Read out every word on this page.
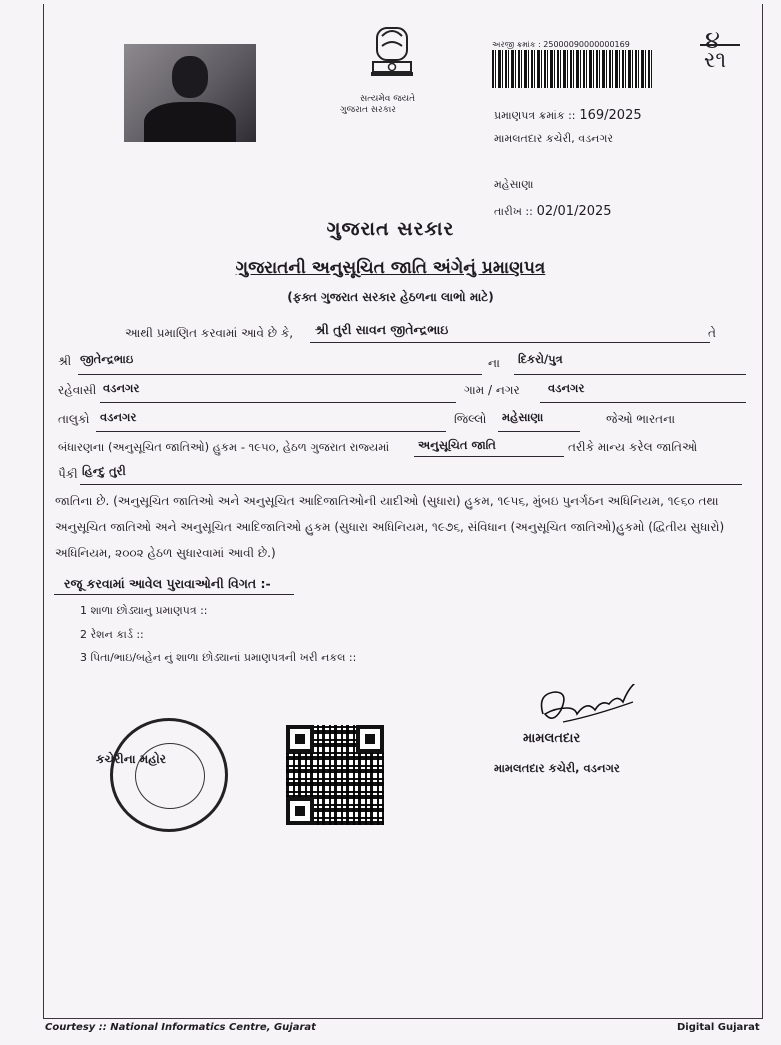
સત્યમેવ જયતે
ગુજરાત સરકાર
અરજી ક્રમાંક : 25000090000000169	૪
ર૧
પ્રમાણપત્ર ક્રમાંક :: 169/2025
મામલતદાર કચેરી, વડનગર
મહેસાણા
તારીખ :: 02/01/2025
ગુજરાત સરકાર
ગુજરાતની અનુસૂચિત જાતિ અંગેનું પ્રમાણપત્ર
(ફક્ત ગુજરાત સરકાર હેઠળના લાભો માટે)
આથી પ્રમાણિત કરવામાં આવે છે કે, શ્રી તુરી સાવન જીતેન્દ્રભાઇ	તે
શ્રી જીતેન્દ્રભાઇ	ના દિકરો/પુત્ર
રહેવાસી વડનગર	ગામ / નગર વડનગર
તાલુકો વડનગર	જિલ્લો મહેસાણા	જેઓ ભારતના
બંધારણના (અનુસૂચિત જાતિઓ) હુકમ - ૧૯૫૦, હેઠળ ગુજરાત રાજ્યમાં	અનુસૂચિત જાતિ	તરીકે માન્ય કરેલ જાતિઓ
પૈકી હિન્દુ તુરી
જાતિના છે. (અનુસૂચિત જાતિઓ અને અનુસૂચિત આદિજાતિઓની યાદીઓ (સુધારા) હુકમ, ૧૯૫૬, મુંબઇ પુનર્ગઠન અધિનિયમ, ૧૯૬૦ તથા
અનુસૂચિત જાતિઓ અને અનુસૂચિત આદિજાતિઓ હુકમ (સુધારા અધિનિયમ, ૧૯૭૬, સંવિધાન (અનુસૂચિત જાતિઓ)હુકમો (દ્વિતીય સુધારો)
અધિનિયમ, ૨૦૦૨ હેઠળ સુધારવામાં આવી છે.)
રજૂ કરવામાં આવેલ પુરાવાઓની વિગત :-
1 શાળા છોડ્યાનુ પ્રમાણપત્ર ::
2 રેશન કાર્ડ ::
3 પિતા/ભાઇ/બહેન નું શાળા છોડ્યાનાં પ્રમાણપત્રની ખરી નકલ ::
કચેરીના મહોર
મામલતદાર
મામલતદાર કચેરી, વડનગર
Courtesy :: National Informatics Centre, Gujarat	Digital Gujarat
